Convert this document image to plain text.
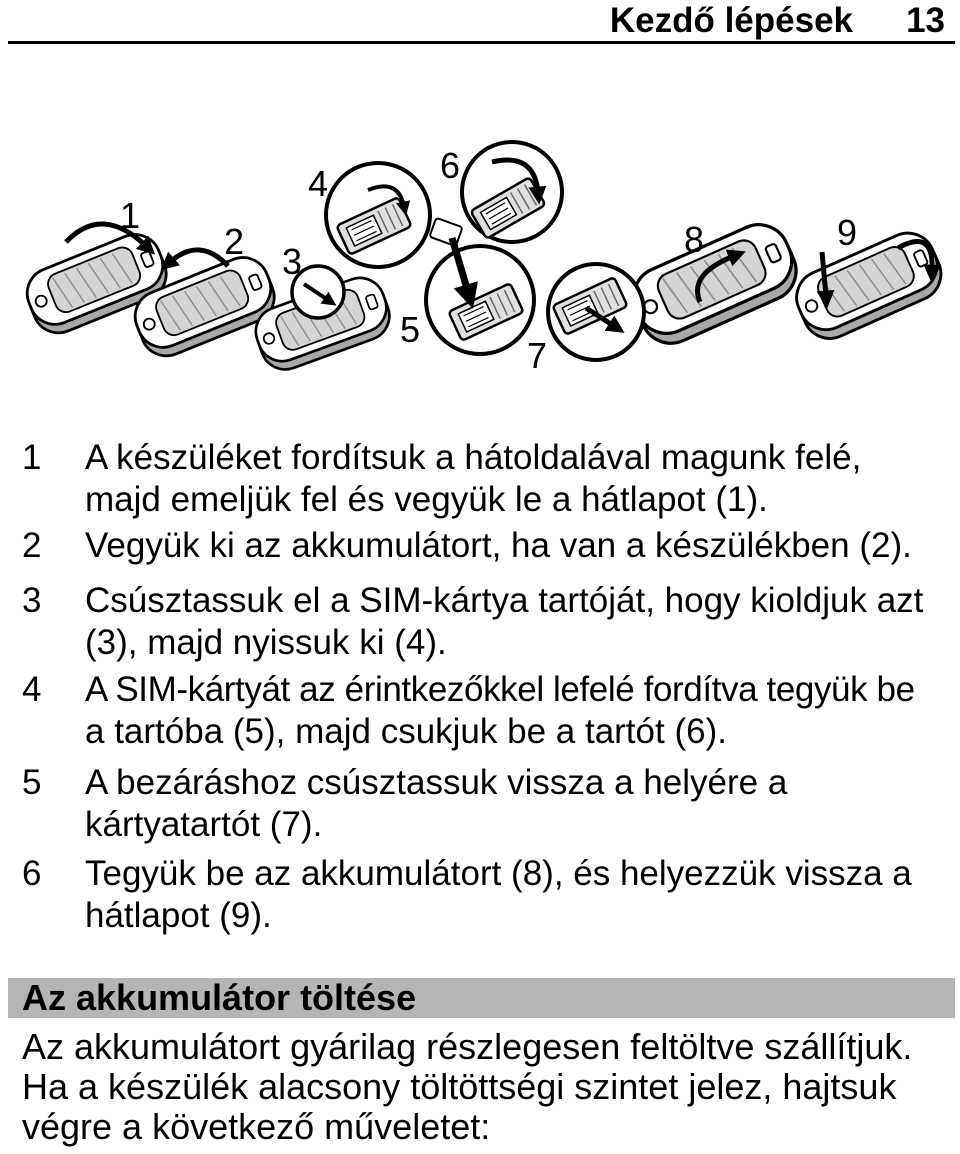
Kezdő lépések 13
1
2 3
4
5
6
7
8	9
1 A készüléket fordítsuk a hátoldalával magunk felé,
majd emeljük fel és vegyük le a hátlapot (1).
2 Vegyük ki az akkumulátort, ha van a készülékben (2).
3 Csúsztassuk el a SIM-kártya tartóját, hogy kioldjuk azt
(3), majd nyissuk ki (4).
4 A SIM-kártyát az érintkezőkkel lefelé fordítva tegyük be
a tartóba (5), majd csukjuk be a tartót (6).
5 A bezáráshoz csúsztassuk vissza a helyére a
kártyatartót (7).
6 Tegyük be az akkumulátort (8), és helyezzük vissza a
hátlapot (9).
Az akkumulátor töltése

Az akkumulátort gyárilag részlegesen feltöltve szállítjuk.
Ha a készülék alacsony töltöttségi szintet jelez, hajtsuk
végre a következő műveletet:
